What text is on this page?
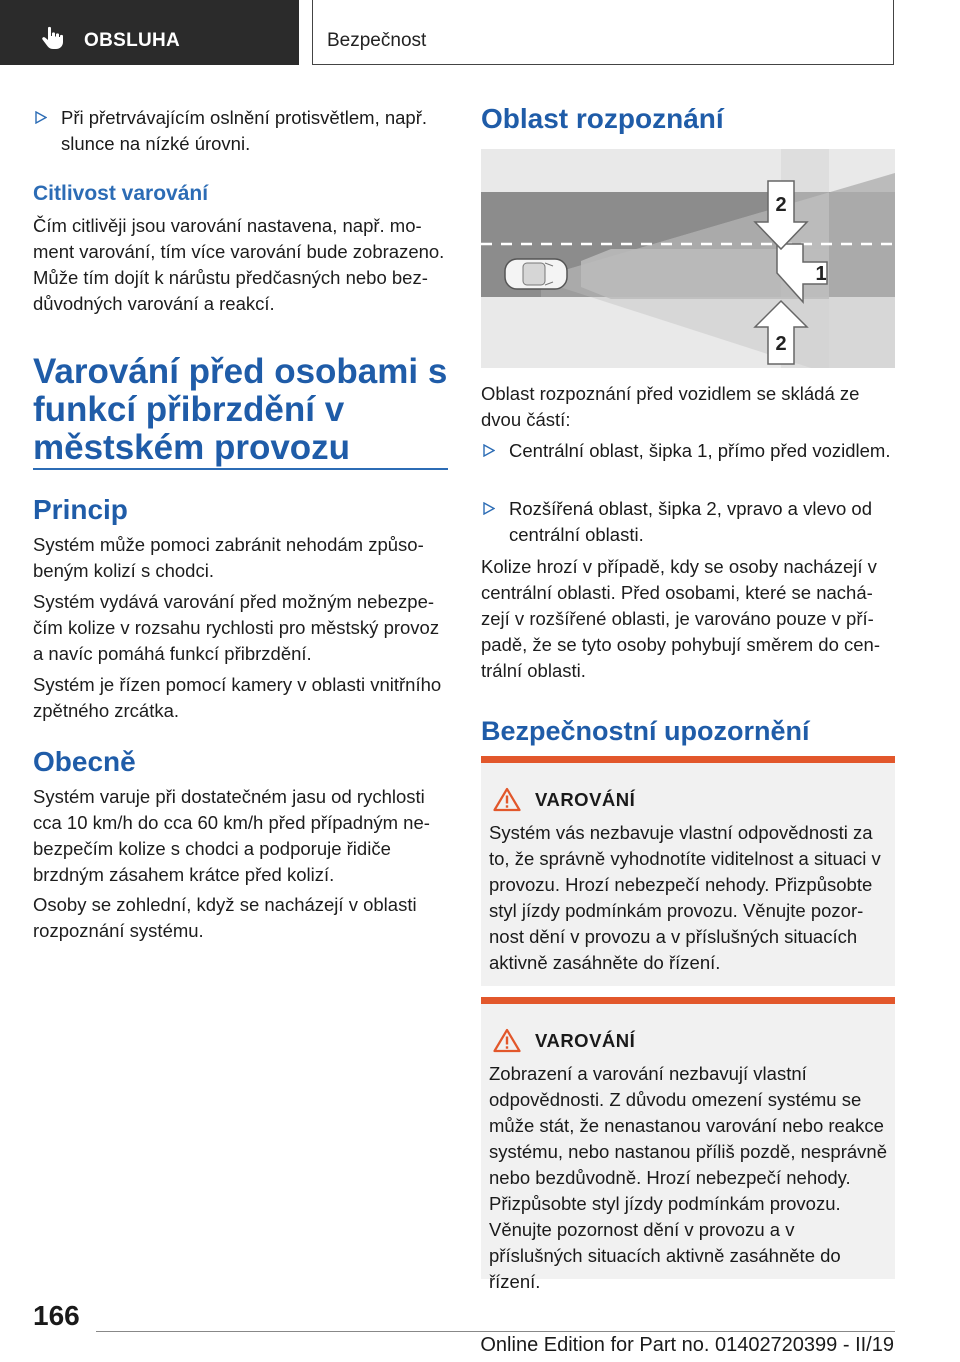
OBSLUHA	Bezpečnost
Při přetrvávajícím oslnění protisvětlem, např. slunce na nízké úrovni.
Citlivost varování

Čím citlivěji jsou varování nastavena, např. moment varování, tím více varování bude zobrazeno. Může tím dojít k nárůstu předčasných nebo bezdůvodných varování a reakcí.

Varování před osobami s funkcí přibrzdění v městském provozu
Princip

Systém může pomoci zabránit nehodám způsobeným kolizí s chodci.

Systém vydává varování před možným nebezpečím kolize v rozsahu rychlosti pro městský provoz a navíc pomáhá funkcí přibrzdění.

Systém je řízen pomocí kamery v oblasti vnitřního zpětného zrcátka.

Obecně

Systém varuje při dostatečném jasu od rychlosti cca 10 km/h do cca 60 km/h před případným nebezpečím kolize s chodci a podporuje řidiče brzdným zásahem krátce před kolizí.

Osoby se zohlední, když se nacházejí v oblasti rozpoznání systému.

Oblast rozpoznání
2
1
2

Oblast rozpoznání před vozidlem se skládá ze dvou částí:

Centrální oblast, šipka 1, přímo před vozidlem.
Rozšířená oblast, šipka 2, vpravo a vlevo od centrální oblasti.

Kolize hrozí v případě, kdy se osoby nacházejí v centrální oblasti. Před osobami, které se nacházejí v rozšířené oblasti, je varováno pouze v případě, že se tyto osoby pohybují směrem do centrální oblasti.

Bezpečnostní upozornění
VAROVÁNÍ

Systém vás nezbavuje vlastní odpovědnosti za to, že správně vyhodnotíte viditelnost a situaci v provozu. Hrozí nebezpečí nehody. Přizpůsobte styl jízdy podmínkám provozu. Věnujte pozornost dění v provozu a v příslušných situacích aktivně zasáhněte do řízení.

VAROVÁNÍ

Zobrazení a varování nezbavují vlastní odpovědnosti. Z důvodu omezení systému se může stát, že nenastanou varování nebo reakce systému, nebo nastanou příliš pozdě, nesprávně nebo bezdůvodně. Hrozí nebezpečí nehody. Přizpůsobte styl jízdy podmínkám provozu. Věnujte pozornost dění v provozu a v příslušných situacích aktivně zasáhněte do řízení.

166
Online Edition for Part no. 01402720399 - II/19
